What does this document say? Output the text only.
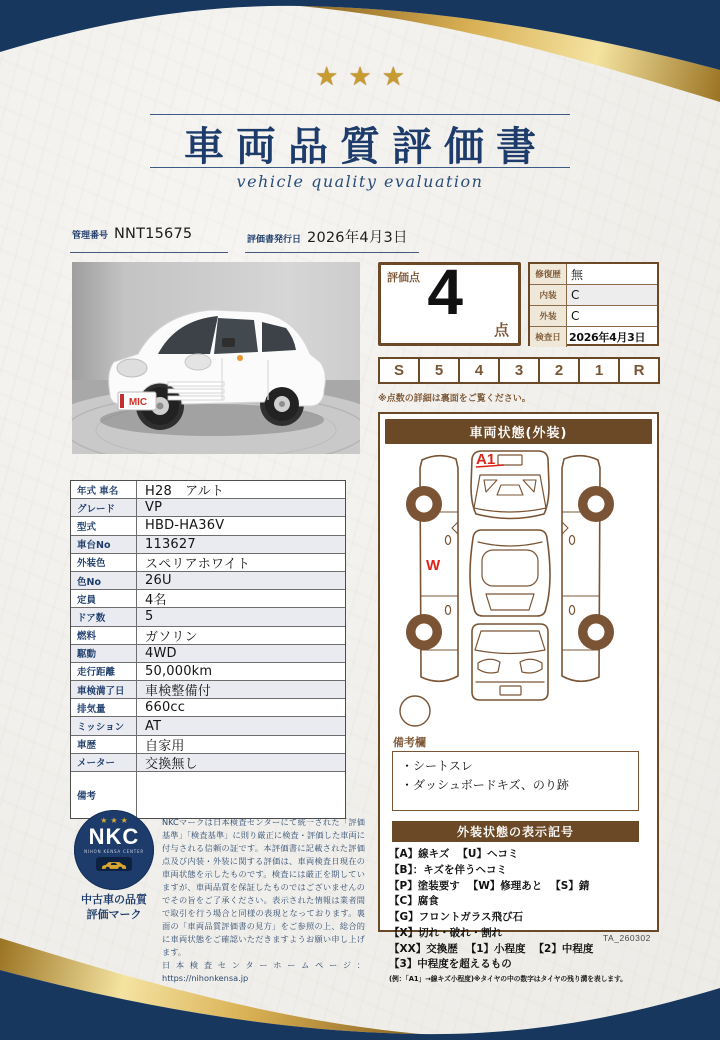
★★★
車両品質評価書
vehicle quality evaluation
管理番号 NNT15675	評価書発行日 2026年4月3日
MIC
評価点 4
点
修復歴 無
内装	C
外装	C
検査日 2026年4月3日
S	5	4	3	2	1	R
※点数の詳細は裏面をご覧ください。
年式 車名	H28　アルト
グレード	VP
型式	HBD-HA36V
車台No	113627
外装色	スペリアホワイト
色No	26U
定員	4名
ドア数	5
燃料	ガソリン
駆動	4WD
走行距離	50,000km
車検満了日	車検整備付
排気量	660cc
ミッション	AT
車歴	自家用
メーター	交換無し
備考
★★★
NKC
NIHON KENSA CENTER
中古車の品質
評価マーク
NKCマークは日本検査センターにて統一された「評価基準」「検査基準」に則り厳正に検査・評価した車両に付与される信頼の証です。本評価書に記載された評価点及び内装・外装に関する評価は、車両検査日現在の車両状態を示したものです。検査には厳正を期していますが、車両品質を保証したものではございませんのでその旨をご了承ください。表示された情報は業者間で取引を行う場合と同様の表現となっております。裏面の「車両品質評価書の見方」をご参照の上、総合的に車両状態をご確認いただきますようお願い申し上げます。
日本検査センターホームページ：https://nihonkensa.jp
車両状態(外装)
A1
W
備考欄
・シートスレ
・ダッシュボードキズ、のり跡
外装状態の表示記号
【A】線キズ 【U】ヘコミ【B】：キズを伴うヘコミ
【P】塗装要す 【W】修理あと 【S】錆【C】腐食
【G】フロントガラス飛び石【X】切れ・破れ・割れ
【XX】交換歴 【1】小程度 【2】中程度
【3】中程度を超えるもの
(例：「A1」→線キズ小程度)※タイヤの中の数字はタイヤの残り溝を表します。
TA_260302
